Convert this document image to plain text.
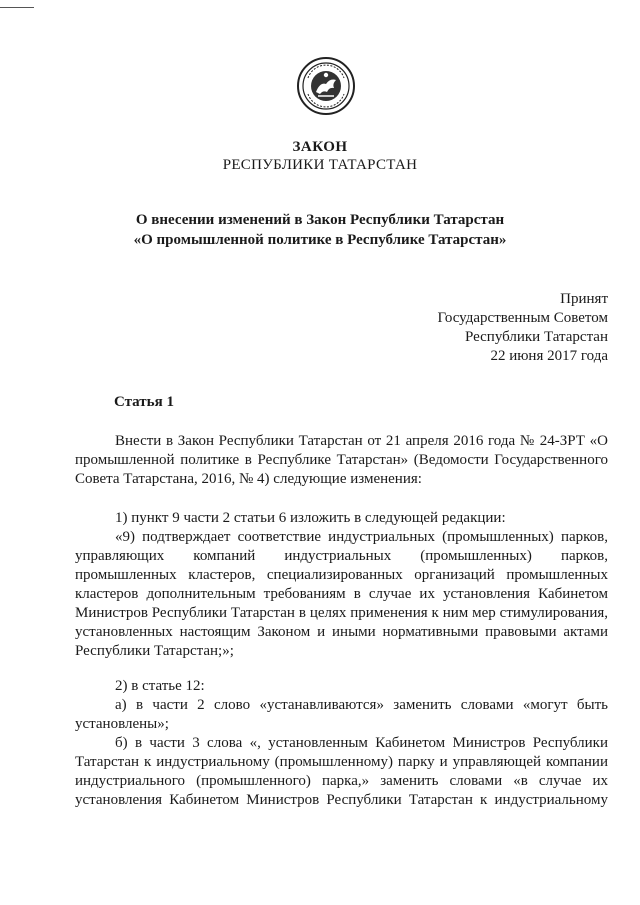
ЗАКОН
РЕСПУБЛИКИ ТАТАРСТАН
О внесении изменений в Закон Республики Татарстан
«О промышленной политике в Республике Татарстан»
Принят
Государственным Советом
Республики Татарстан
22 июня 2017 года
Статья 1

Внести в Закон Республики Татарстан от 21 апреля 2016 года № 24-ЗРТ «О промышленной политике в Республике Татарстан» (Ведомости Государственного Совета Татарстана, 2016, № 4) следующие изменения:

1) пункт 9 части 2 статьи 6 изложить в следующей редакции:

«9) подтверждает соответствие индустриальных (промышленных) парков, управляющих компаний индустриальных (промышленных) парков, промышленных кластеров, специализированных организаций промышленных кластеров дополнительным требованиям в случае их установления Кабинетом Министров Республики Татарстан в целях применения к ним мер стимулирования, установленных настоящим Законом и иными нормативными правовыми актами Республики Татарстан;»;

2) в статье 12:

а) в части 2 слово «устанавливаются» заменить словами «могут быть установлены»;

б) в части 3 слова «, установленным Кабинетом Министров Республики Татарстан к индустриальному (промышленному) парку и управляющей компании индустриального (промышленного) парка,» заменить словами «в случае их установления Кабинетом Министров Республики Татарстан к индустриальному
